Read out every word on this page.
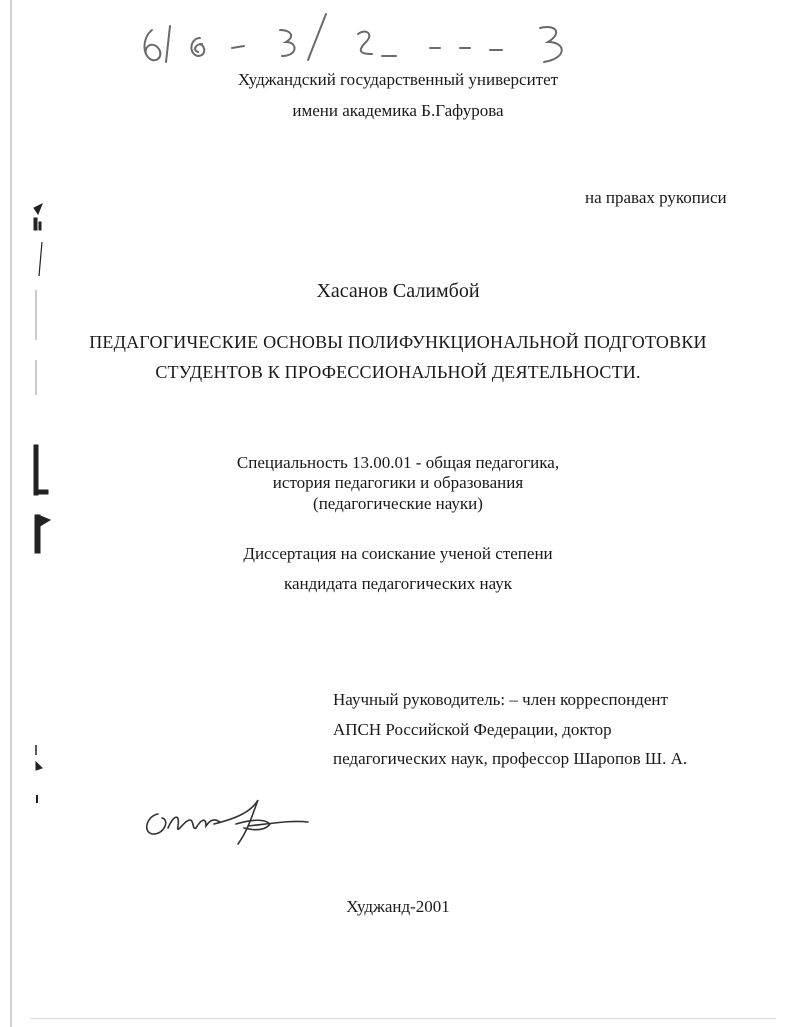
Худжандский государственный университет
имени академика Б.Гафурова
на правах рукописи
Хасанов Салимбой
ПЕДАГОГИЧЕСКИЕ ОСНОВЫ ПОЛИФУНКЦИОНАЛЬНОЙ ПОДГОТОВКИ
СТУДЕНТОВ К ПРОФЕССИОНАЛЬНОЙ ДЕЯТЕЛЬНОСТИ.
Специальность 13.00.01 - общая педагогика,
история педагогики и образования
(педагогические науки)
Диссертация на соискание ученой степени
кандидата педагогических наук
Научный руководитель: – член корреспондент
АПСН Российской Федерации, доктор
педагогических наук, профессор Шаропов Ш. А.
Худжанд-2001
